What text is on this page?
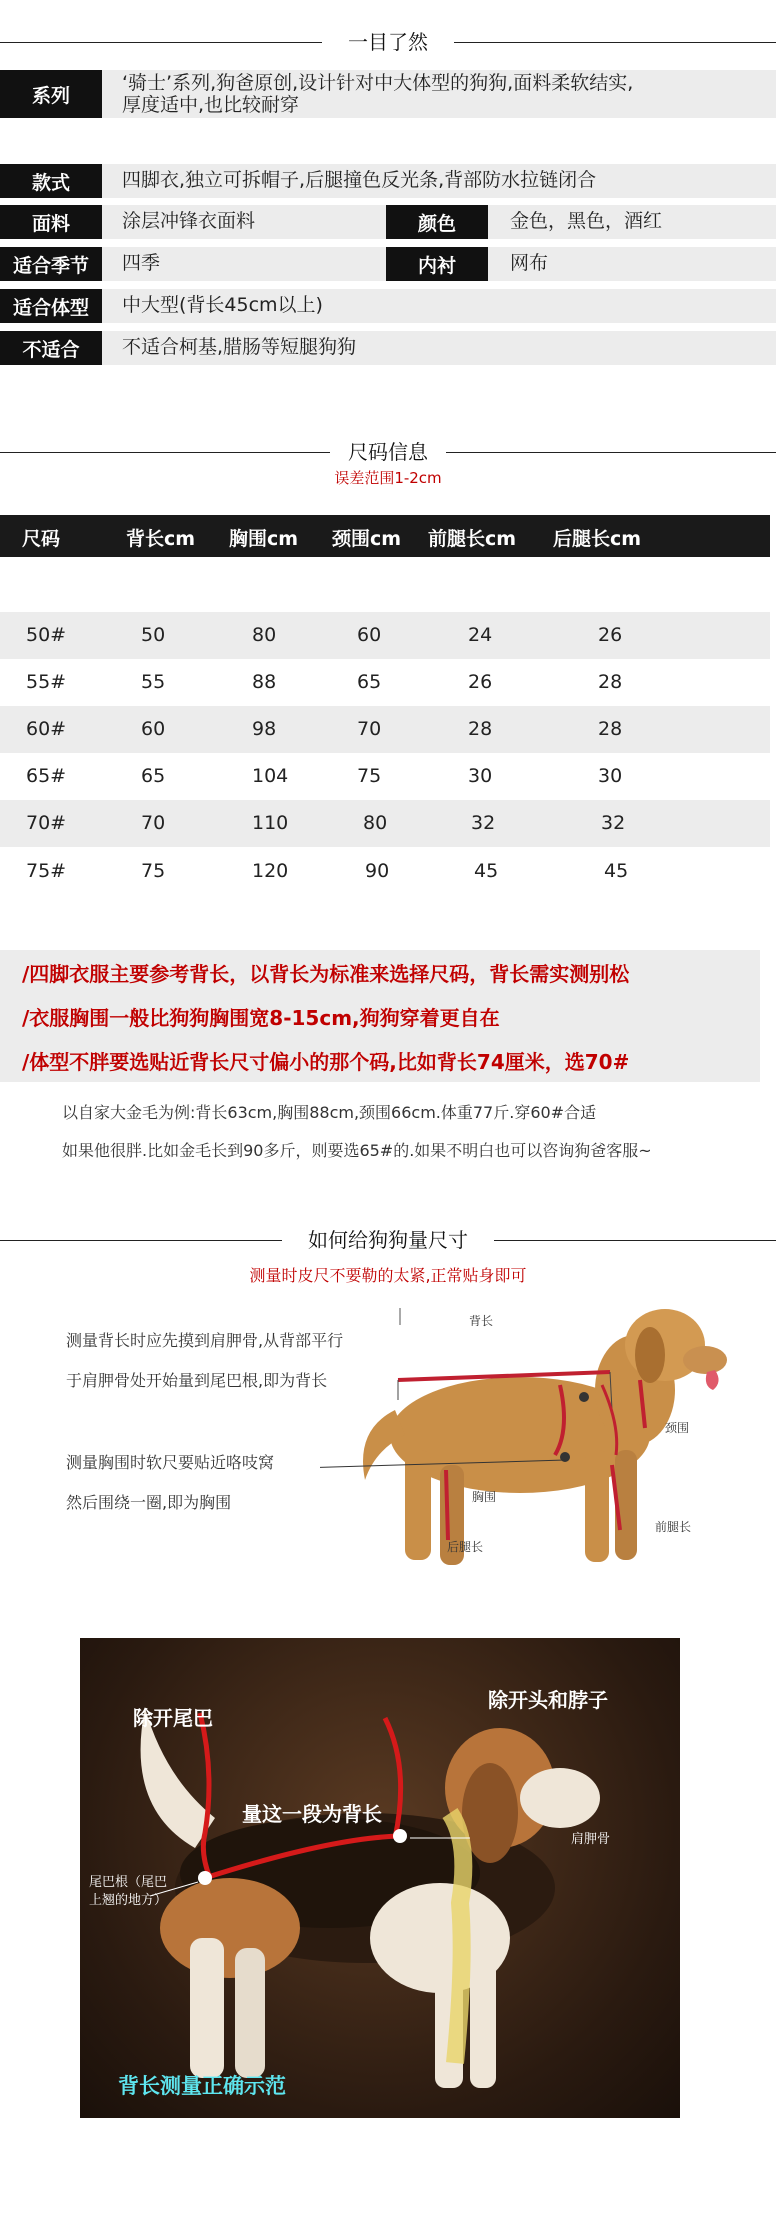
一目了然
系列
‘骑士’系列,狗爸原创,设计针对中大体型的狗狗,面料柔软结实,
厚度适中,也比较耐穿
款式	四脚衣,独立可拆帽子,后腿撞色反光条,背部防水拉链闭合
面料	涂层冲锋衣面料	颜色	金色，黑色，酒红
适合季节	四季	内衬	网布
适合体型	中大型(背长45cm以上)
不适合	不适合柯基,腊肠等短腿狗狗
尺码信息
误差范围1-2cm
尺码	背长cm 胸围cm 颈围cm 前腿长cm 后腿长cm
50#	50	80	60	24	26
55#	55	88	65	26	28
60#	60	98	70	28	28
65#	65	104	75	30	30
70#	70	110	80	32	32
75#	75	120	90	45	45
/四脚衣服主要参考背长，以背长为标准来选择尺码，背长需实测别松
/衣服胸围一般比狗狗胸围宽8-15cm,狗狗穿着更自在
/体型不胖要选贴近背长尺寸偏小的那个码,比如背长74厘米，选70#
以自家大金毛为例:背长63cm,胸围88cm,颈围66cm.体重77斤.穿60#合适
如果他很胖.比如金毛长到90多斤，则要选65#的.如果不明白也可以咨询狗爸客服~
如何给狗狗量尺寸
测量时皮尺不要勒的太紧,正常贴身即可
测量背长时应先摸到肩胛骨,从背部平行
于肩胛骨处开始量到尾巴根,即为背长
测量胸围时软尺要贴近咯吱窝
然后围绕一圈,即为胸围
背长
颈围
胸围
前腿长
后腿长
除开尾巴
除开头和脖子
量这一段为背长
肩胛骨
尾巴根（尾巴
上翘的地方）
背长测量正确示范
